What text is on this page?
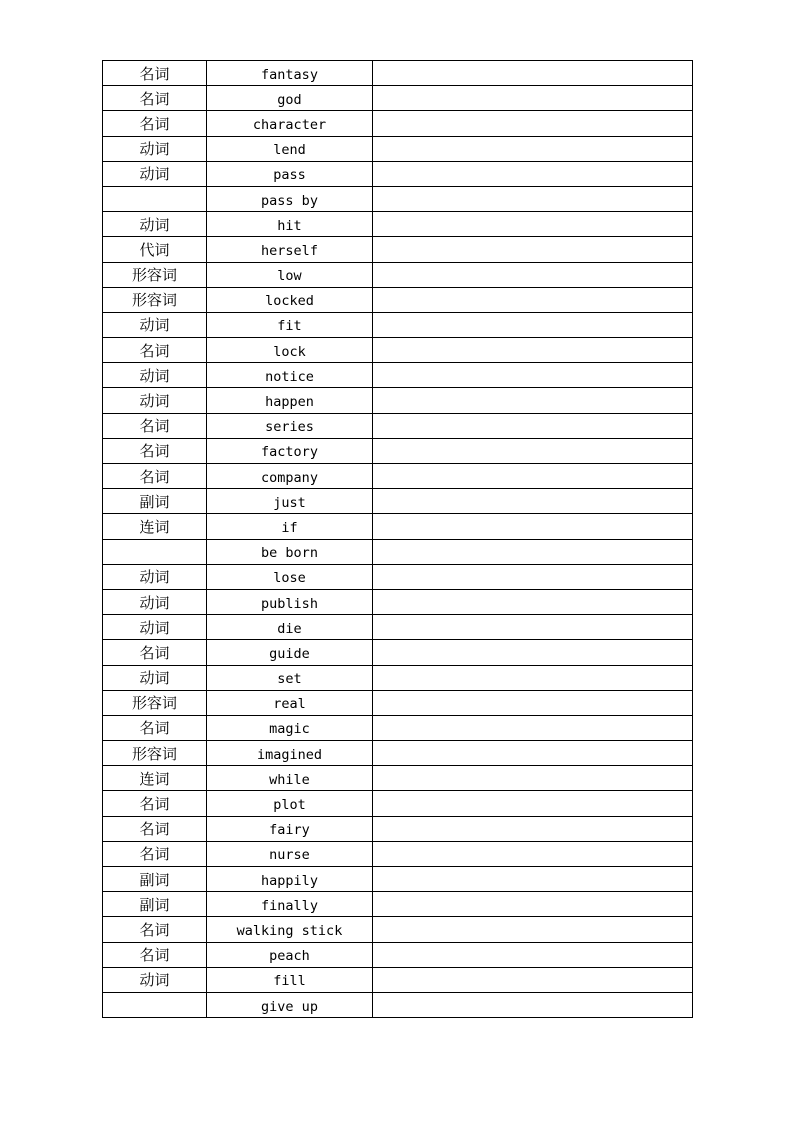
名词	fantasy	
名词	god	
名词	character	
动词	lend	
动词	pass	
	pass by	
动词	hit	
代词	herself	
形容词	low	
形容词	locked	
动词	fit	
名词	lock	
动词	notice	
动词	happen	
名词	series	
名词	factory	
名词	company	
副词	just	
连词	if	
	be born	
动词	lose	
动词	publish	
动词	die	
名词	guide	
动词	set	
形容词	real	
名词	magic	
形容词	imagined	
连词	while	
名词	plot	
名词	fairy	
名词	nurse	
副词	happily	
副词	finally	
名词	walking stick	
名词	peach	
动词	fill	
	give up	
